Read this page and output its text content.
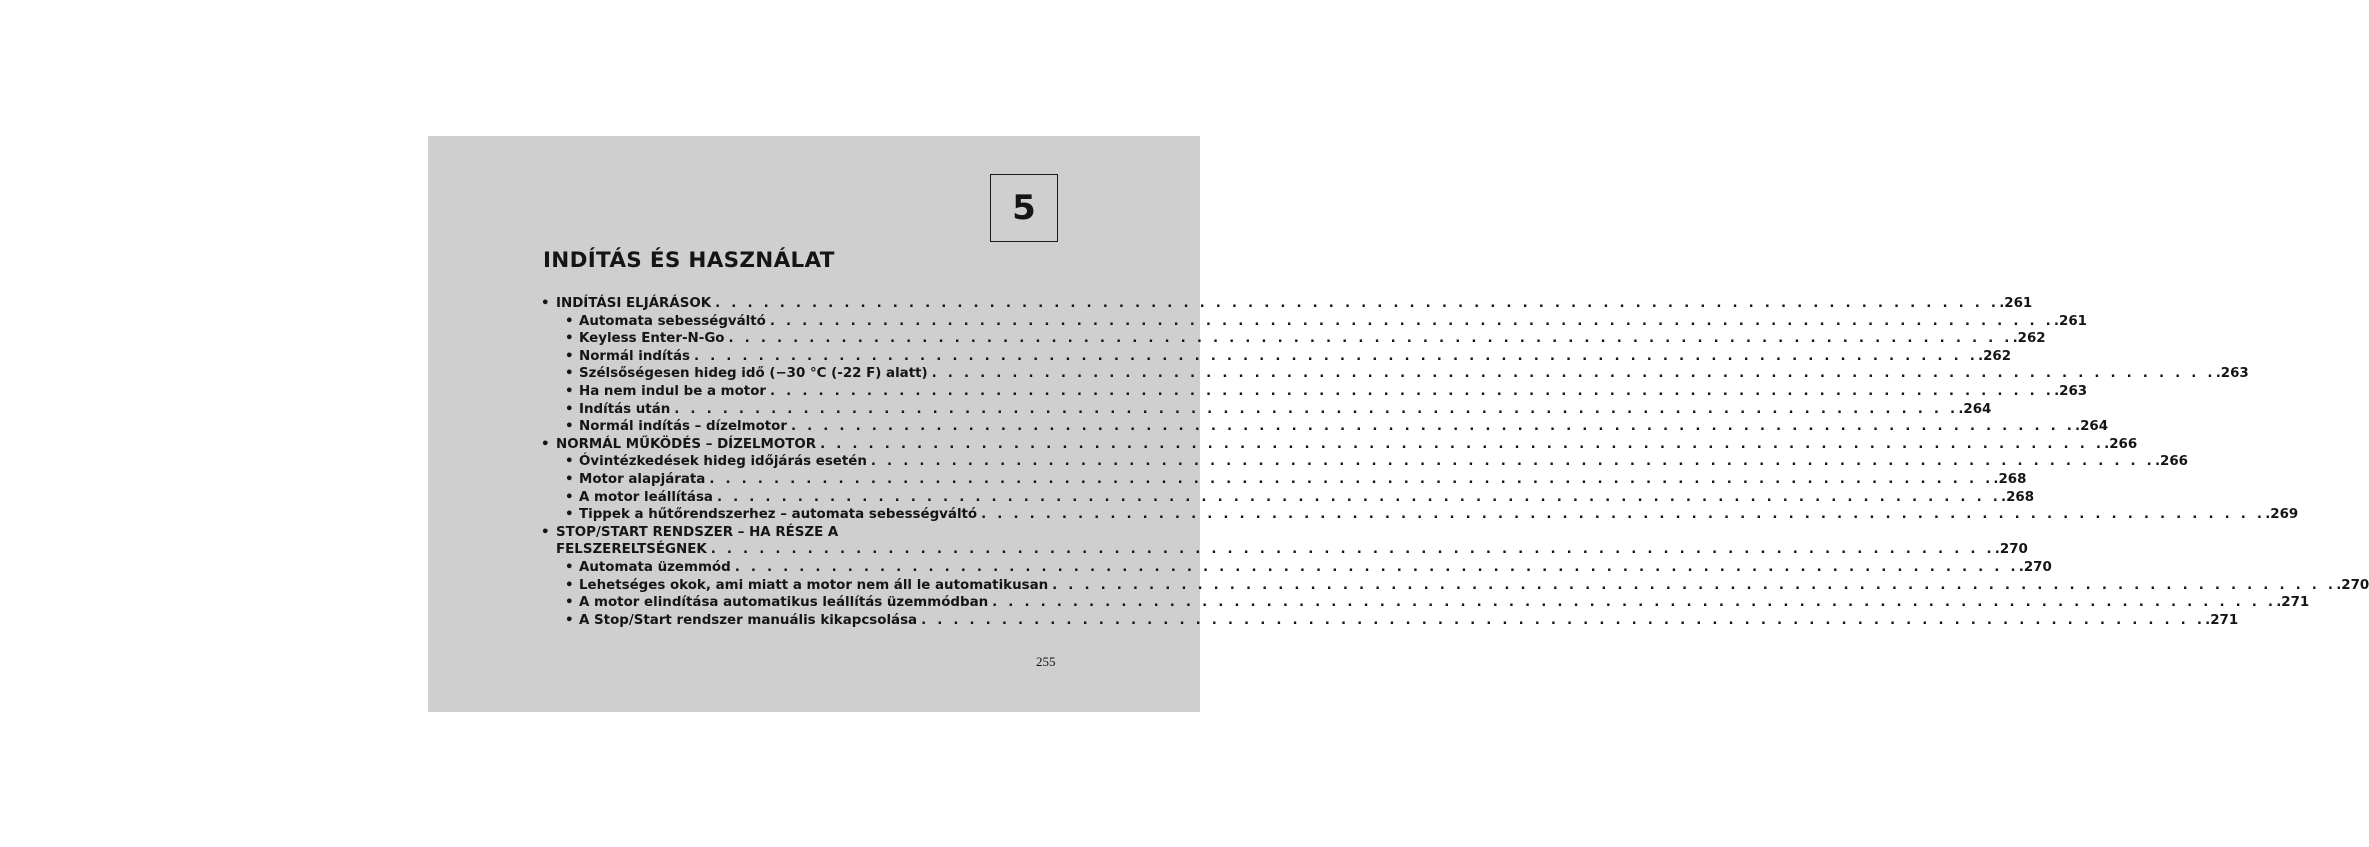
5
INDÍTÁS ÉS HASZNÁLAT
• INDÍTÁSI ELJÁRÁSOK . . . . . . . . . . . . . . . . . . . . . . . . . . . . . . . . . . . . . . . . . . . . . . . . . . . . . . . . . . . . . . . . . . . . . . . . . . . . . . . . .261
• Automata sebességváltó . . . . . . . . . . . . . . . . . . . . . . . . . . . . . . . . . . . . . . . . . . . . . . . . . . . . . . . . . . . . . . . . . . . . . . . . . . . . . . . . .261
• Keyless Enter-N-Go . . . . . . . . . . . . . . . . . . . . . . . . . . . . . . . . . . . . . . . . . . . . . . . . . . . . . . . . . . . . . . . . . . . . . . . . . . . . . . . . .262
• Normál indítás . . . . . . . . . . . . . . . . . . . . . . . . . . . . . . . . . . . . . . . . . . . . . . . . . . . . . . . . . . . . . . . . . . . . . . . . . . . . . . . . .262
• Szélsőségesen hideg idő (−30 °C (-22 F) alatt) . . . . . . . . . . . . . . . . . . . . . . . . . . . . . . . . . . . . . . . . . . . . . . . . . . . . . . . . . . . . . . . . . . . . . . . . . . . . . . . . .263
• Ha nem indul be a motor . . . . . . . . . . . . . . . . . . . . . . . . . . . . . . . . . . . . . . . . . . . . . . . . . . . . . . . . . . . . . . . . . . . . . . . . . . . . . . . . .263
• Indítás után . . . . . . . . . . . . . . . . . . . . . . . . . . . . . . . . . . . . . . . . . . . . . . . . . . . . . . . . . . . . . . . . . . . . . . . . . . . . . . . . .264
• Normál indítás – dízelmotor . . . . . . . . . . . . . . . . . . . . . . . . . . . . . . . . . . . . . . . . . . . . . . . . . . . . . . . . . . . . . . . . . . . . . . . . . . . . . . . . .264
• NORMÁL MŰKÖDÉS – DÍZELMOTOR . . . . . . . . . . . . . . . . . . . . . . . . . . . . . . . . . . . . . . . . . . . . . . . . . . . . . . . . . . . . . . . . . . . . . . . . . . . . . . . . .266
• Óvintézkedések hideg időjárás esetén . . . . . . . . . . . . . . . . . . . . . . . . . . . . . . . . . . . . . . . . . . . . . . . . . . . . . . . . . . . . . . . . . . . . . . . . . . . . . . . . .266
• Motor alapjárata . . . . . . . . . . . . . . . . . . . . . . . . . . . . . . . . . . . . . . . . . . . . . . . . . . . . . . . . . . . . . . . . . . . . . . . . . . . . . . . . .268
• A motor leállítása . . . . . . . . . . . . . . . . . . . . . . . . . . . . . . . . . . . . . . . . . . . . . . . . . . . . . . . . . . . . . . . . . . . . . . . . . . . . . . . . .268
• Tippek a hűtőrendszerhez – automata sebességváltó . . . . . . . . . . . . . . . . . . . . . . . . . . . . . . . . . . . . . . . . . . . . . . . . . . . . . . . . . . . . . . . . . . . . . . . . . . . . . . . . .269
• STOP/START RENDSZER – HA RÉSZE A
FELSZERELTSÉGNEK . . . . . . . . . . . . . . . . . . . . . . . . . . . . . . . . . . . . . . . . . . . . . . . . . . . . . . . . . . . . . . . . . . . . . . . . . . . . . . . . .270
• Automata üzemmód . . . . . . . . . . . . . . . . . . . . . . . . . . . . . . . . . . . . . . . . . . . . . . . . . . . . . . . . . . . . . . . . . . . . . . . . . . . . . . . . .270
• Lehetséges okok, ami miatt a motor nem áll le automatikusan . . . . . . . . . . . . . . . . . . . . . . . . . . . . . . . . . . . . . . . . . . . . . . . . . . . . . . . . . . . . . . . . . . . . . . . . . . . . . . . . .270
• A motor elindítása automatikus leállítás üzemmódban . . . . . . . . . . . . . . . . . . . . . . . . . . . . . . . . . . . . . . . . . . . . . . . . . . . . . . . . . . . . . . . . . . . . . . . . . . . . . . . . .271
• A Stop/Start rendszer manuális kikapcsolása . . . . . . . . . . . . . . . . . . . . . . . . . . . . . . . . . . . . . . . . . . . . . . . . . . . . . . . . . . . . . . . . . . . . . . . . . . . . . . . . .271
255
